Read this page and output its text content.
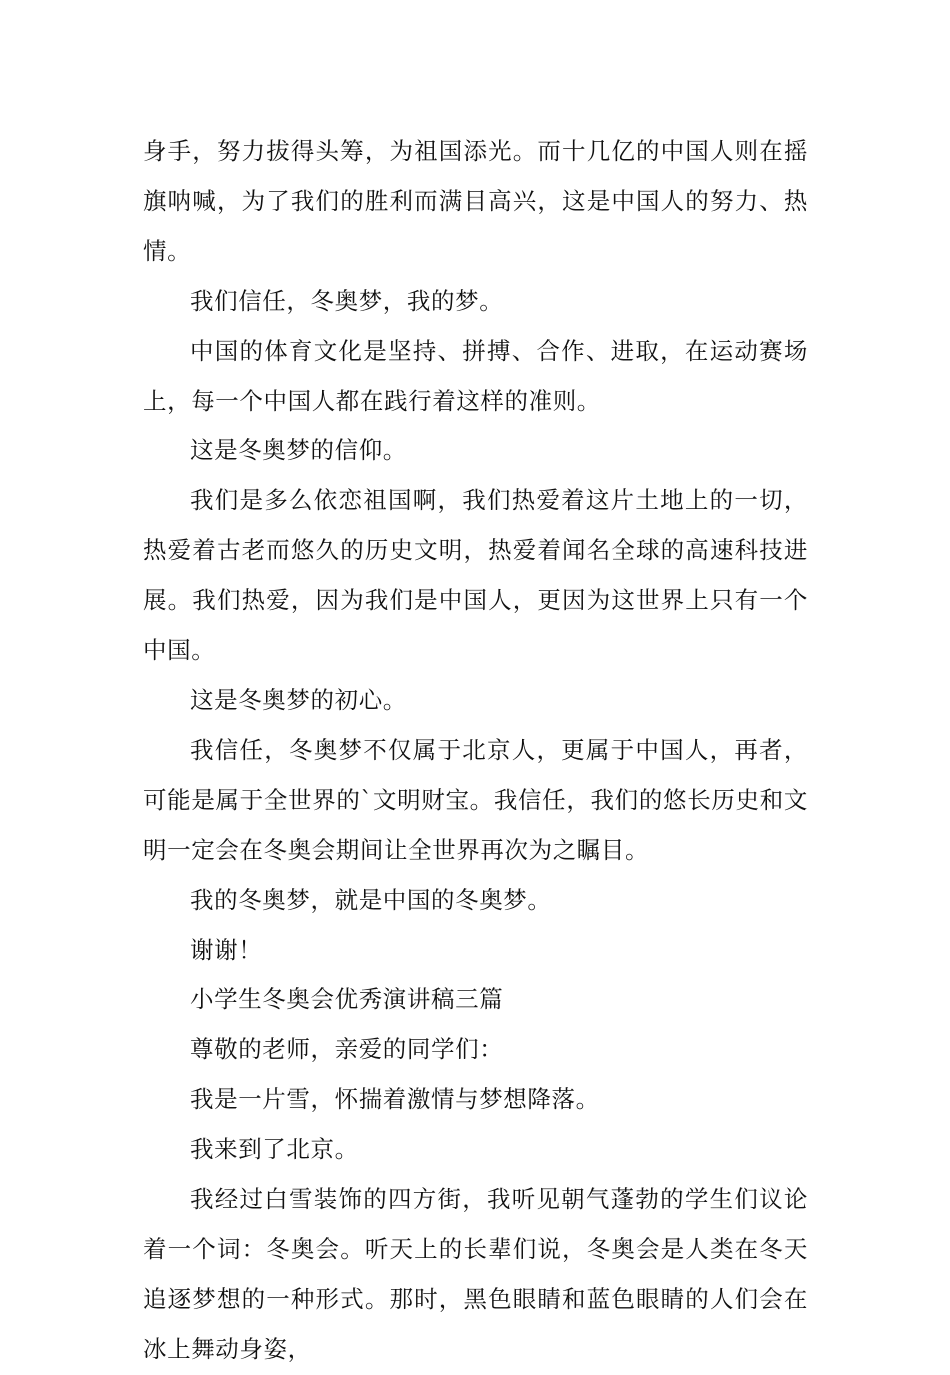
身手，努力拔得头筹，为祖国添光。而十几亿的中国人则在摇旗呐喊，为了我们的胜利而满目高兴，这是中国人的努力、热情。

我们信任，冬奥梦，我的梦。

中国的体育文化是坚持、拼搏、合作、进取，在运动赛场上，每一个中国人都在践行着这样的准则。

这是冬奥梦的信仰。

我们是多么依恋祖国啊，我们热爱着这片土地上的一切，热爱着古老而悠久的历史文明，热爱着闻名全球的高速科技进展。我们热爱，因为我们是中国人，更因为这世界上只有一个中国。

这是冬奥梦的初心。

我信任，冬奥梦不仅属于北京人，更属于中国人，再者，可能是属于全世界的`文明财宝。我信任，我们的悠长历史和文明一定会在冬奥会期间让全世界再次为之瞩目。

我的冬奥梦，就是中国的冬奥梦。

谢谢！

小学生冬奥会优秀演讲稿三篇

尊敬的老师，亲爱的同学们：

我是一片雪，怀揣着激情与梦想降落。

我来到了北京。

我经过白雪装饰的四方街，我听见朝气蓬勃的学生们议论着一个词：冬奥会。听天上的长辈们说，冬奥会是人类在冬天追逐梦想的一种形式。那时，黑色眼睛和蓝色眼睛的人们会在冰上舞动身姿，
